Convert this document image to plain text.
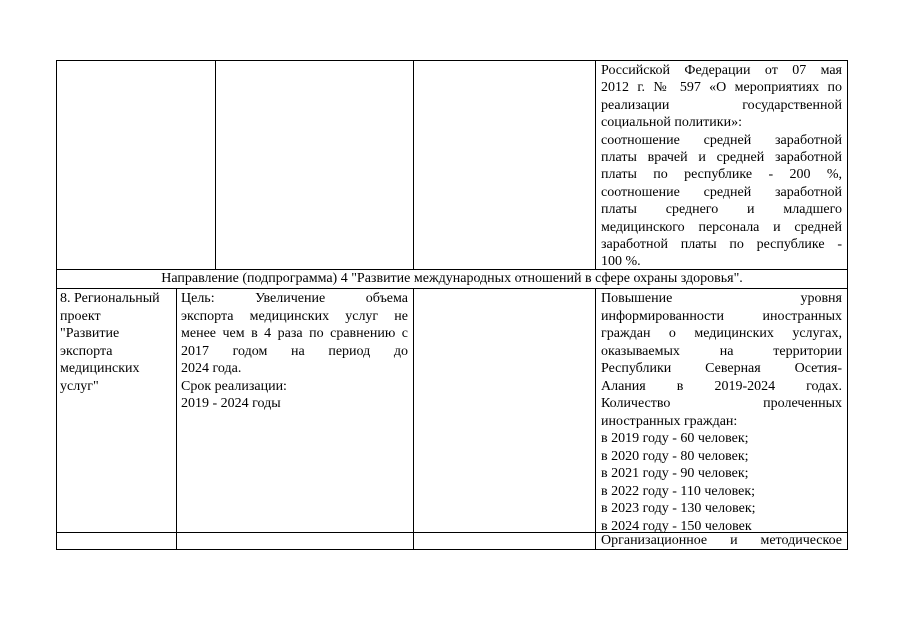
Российской Федерации от 07 мая
2012 г. № 597 «О мероприятиях по
реализации государственной
социальной политики»:
соотношение средней заработной
платы врачей и средней заработной
платы по республике - 200 %,
соотношение средней заработной
платы среднего и младшего
медицинского персонала и средней
заработной платы по республике -
100 %.
Направление (подпрограмма) 4 "Развитие международных отношений в сфере охраны здоровья".
8. Региональный
проект
"Развитие
экспорта
медицинских
услуг"
Цель: Увеличение объема
экспорта медицинских услуг не
менее чем в 4 раза по сравнению с
2017 годом на период до
2024 года.
Срок реализации:
2019 - 2024 годы
Повышение уровня
информированности иностранных
граждан о медицинских услугах,
оказываемых на территории
Республики Северная Осетия-
Алания в 2019-2024 годах.
Количество пролеченных
иностранных граждан:
в 2019 году - 60 человек;
в 2020 году - 80 человек;
в 2021 году - 90 человек;
в 2022 году - 110 человек;
в 2023 году - 130 человек;
в 2024 году - 150 человек
Организационное и методическое
